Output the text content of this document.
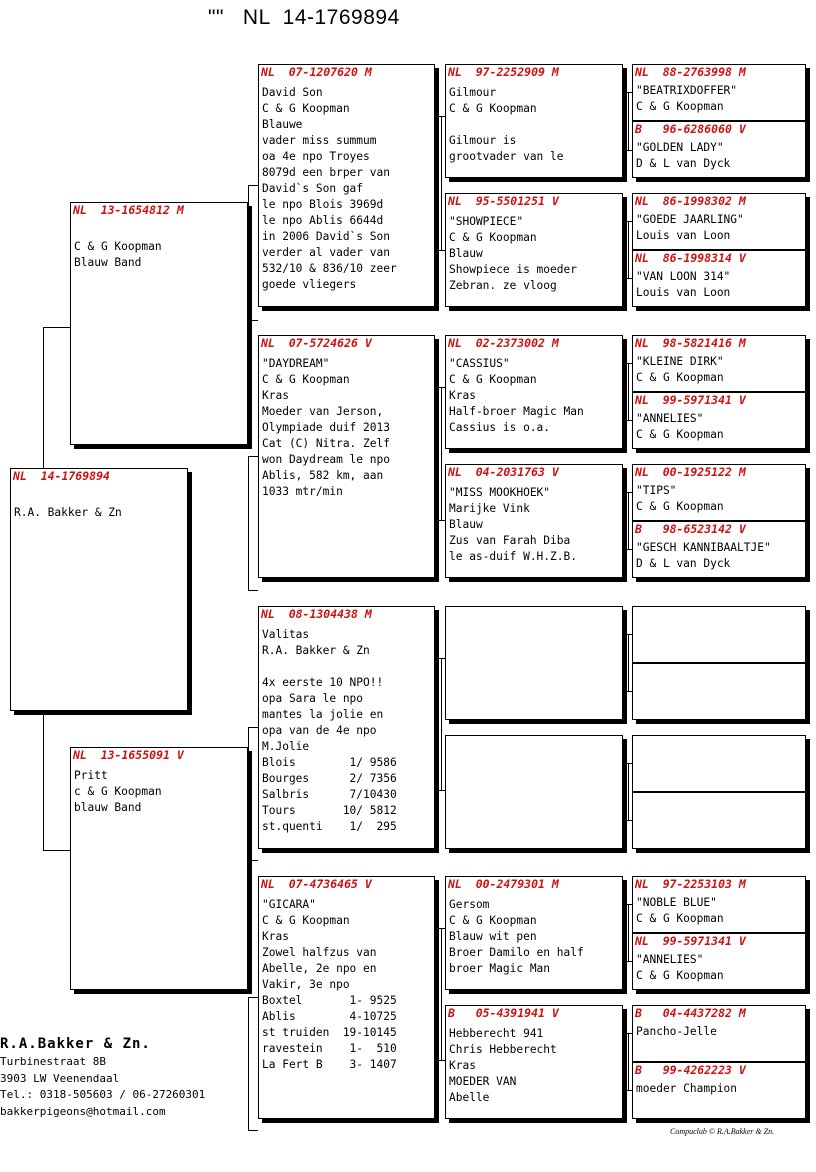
""   NL  14-1769894
NL  14-1769894

R.A. Bakker & Zn
NL  13-1654812 M

C & G Koopman
Blauw Band
NL  13-1655091 V
Pritt
c & G Koopman
blauw Band
NL  07-1207620 M
David Son
C & G Koopman
Blauwe
vader miss summum
oa 4e npo Troyes
8079d een brper van
David`s Son gaf
le npo Blois 3969d
le npo Ablis 6644d
in 2006 David`s Son
verder al vader van
532/10 & 836/10 zeer
goede vliegers
NL  07-5724626 V
"DAYDREAM"
C & G Koopman
Kras
Moeder van Jerson,
Olympiade duif 2013
Cat (C) Nitra. Zelf
won Daydream le npo
Ablis, 582 km, aan
1033 mtr/min
NL  08-1304438 M
Valitas
R.A. Bakker & Zn

4x eerste 10 NPO!!
opa Sara le npo
mantes la jolie en
opa van de 4e npo
M.Jolie
Blois        1/ 9586
Bourges      2/ 7356
Salbris      7/10430
Tours       10/ 5812
st.quenti    1/  295
NL  07-4736465 V
"GICARA"
C & G Koopman
Kras
Zowel halfzus van
Abelle, 2e npo en
Vakir, 3e npo
Boxtel       1- 9525
Ablis        4-10725
st truiden  19-10145
ravestein    1-  510
La Fert B    3- 1407
NL  97-2252909 M
Gilmour
C & G Koopman

Gilmour is
grootvader van le
NL  95-5501251 V
"SHOWPIECE"
C & G Koopman
Blauw
Showpiece is moeder
Zebran. ze vloog
NL  02-2373002 M
"CASSIUS"
C & G Koopman
Kras
Half-broer Magic Man
Cassius is o.a.
NL  04-2031763 V
"MISS MOOKHOEK"
Marijke Vink
Blauw
Zus van Farah Diba
le as-duif W.H.Z.B.
NL  00-2479301 M
Gersom
C & G Koopman
Blauw wit pen
Broer Damilo en half
broer Magic Man
B   05-4391941 V
Hebberecht 941
Chris Hebberecht
Kras
MOEDER VAN
Abelle
NL  88-2763998 M
"BEATRIXDOFFER"
C & G Koopman
B   96-6286060 V
"GOLDEN LADY"
D & L van Dyck
NL  86-1998302 M
"GOEDE JAARLING"
Louis van Loon
NL  86-1998314 V
"VAN LOON 314"
Louis van Loon
NL  98-5821416 M
"KLEINE DIRK"
C & G Koopman
NL  99-5971341 V
"ANNELIES"
C & G Koopman
NL  00-1925122 M
"TIPS"
C & G Koopman
B   98-6523142 V
"GESCH KANNIBAALTJE"
D & L van Dyck
NL  97-2253103 M
"NOBLE BLUE"
C & G Koopman
NL  99-5971341 V
"ANNELIES"
C & G Koopman
B   04-4437282 M
Pancho-Jelle
B   99-4262223 V
moeder Champion
R.A.Bakker & Zn.
Turbinestraat 8B
3903 LW Veenendaal
Tel.: 0318-505603 / 06-27260301
bakkerpigeons@hotmail.com
Compuclub © R.A.Bakker & Zn.
